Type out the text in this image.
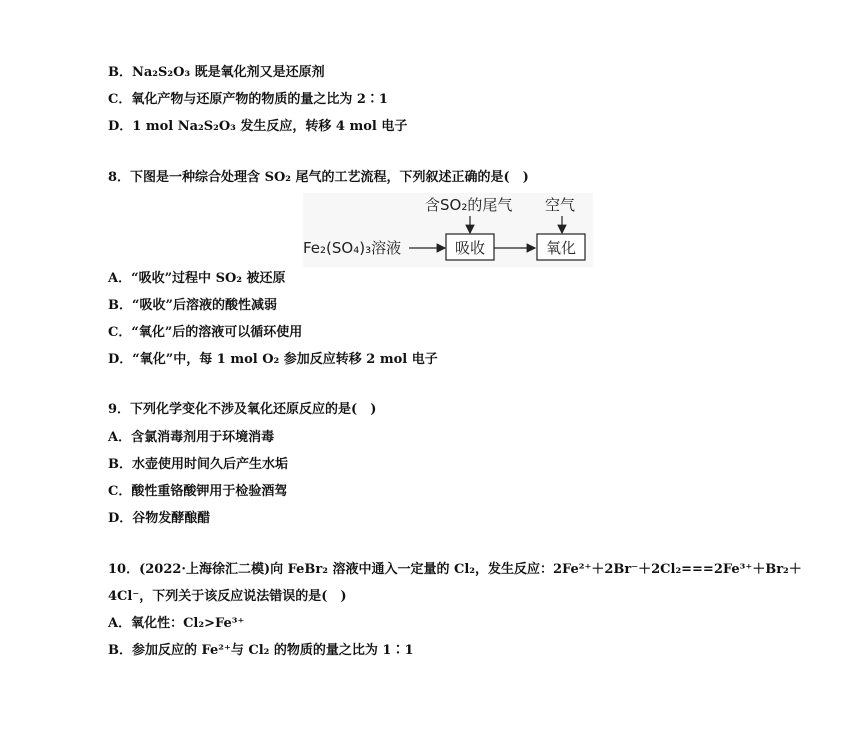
B．Na₂S₂O₃ 既是氧化剂又是还原剂
C．氧化产物与还原产物的物质的量之比为 2∶1
D．1 mol Na₂S₂O₃ 发生反应，转移 4 mol 电子
8．下图是一种综合处理含 SO₂ 尾气的工艺流程，下列叙述正确的是(　)
含SO₂的尾气 空气
Fe₂(SO₄)₃溶液	吸收	氧化
A．“吸收”过程中 SO₂ 被还原
B．“吸收”后溶液的酸性减弱
C．“氧化”后的溶液可以循环使用
D．“氧化”中，每 1 mol O₂ 参加反应转移 2 mol 电子
9．下列化学变化不涉及氧化还原反应的是(　)
A．含氯消毒剂用于环境消毒
B．水壶使用时间久后产生水垢
C．酸性重铬酸钾用于检验酒驾
D．谷物发酵酿醋
10．(2022·上海徐汇二模)向 FeBr₂ 溶液中通入一定量的 Cl₂，发生反应：2Fe²⁺＋2Br⁻＋2Cl₂===2Fe³⁺＋Br₂＋
4Cl⁻，下列关于该反应说法错误的是(　)
A．氧化性：Cl₂>Fe³⁺
B．参加反应的 Fe²⁺与 Cl₂ 的物质的量之比为 1∶1
